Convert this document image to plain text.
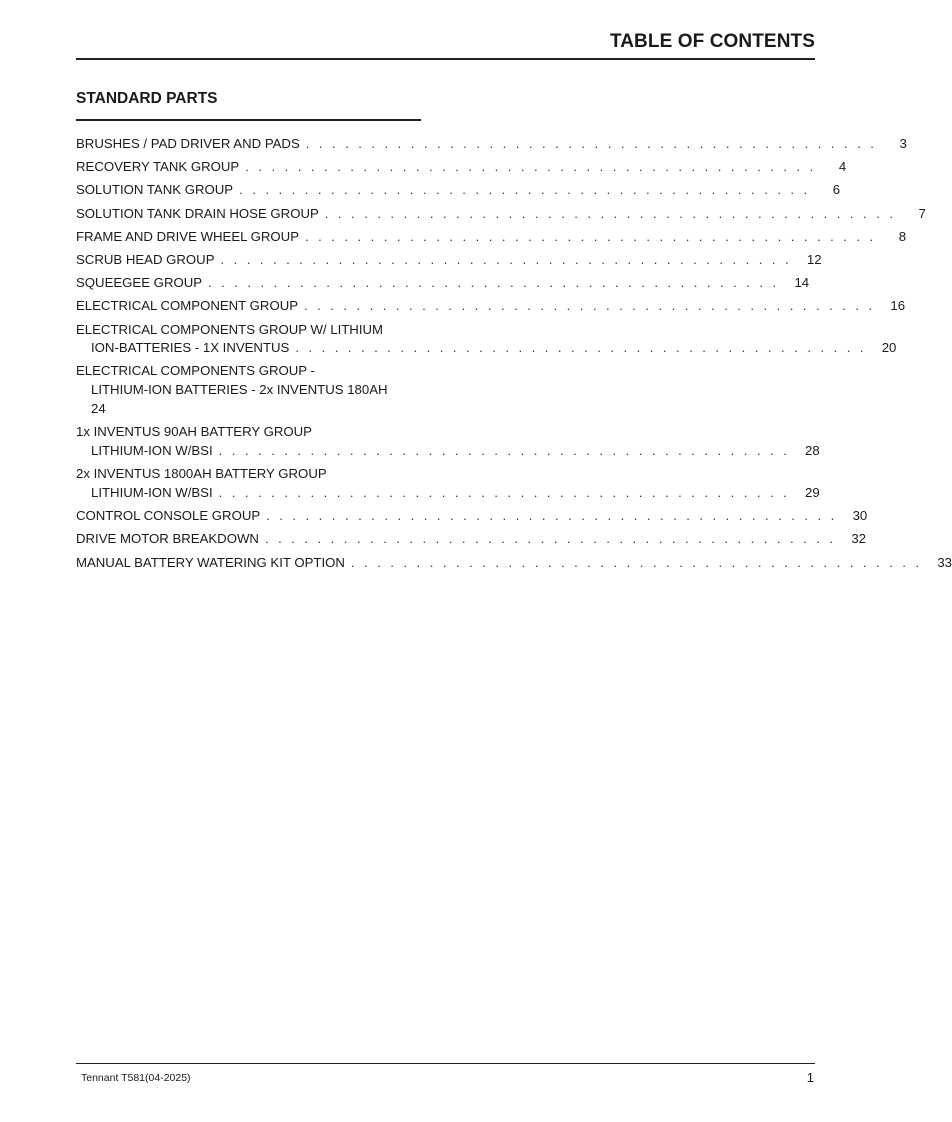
TABLE OF CONTENTS
STANDARD PARTS
BRUSHES / PAD DRIVER AND PADS . . . . . . . . . . . . . . . . . . . . . . . . . . . . . . . . . . . . . . . . . . . .	3
RECOVERY TANK GROUP . . . . . . . . . . . . . . . . . . . . . . . . . . . . . . . . . . . . . . . . . . . .	4
SOLUTION TANK GROUP . . . . . . . . . . . . . . . . . . . . . . . . . . . . . . . . . . . . . . . . . . . .	6
SOLUTION TANK DRAIN HOSE GROUP . . . . . . . . . . . . . . . . . . . . . . . . . . . . . . . . . . . . . . . . . . . .	7
FRAME AND DRIVE WHEEL GROUP . . . . . . . . . . . . . . . . . . . . . . . . . . . . . . . . . . . . . . . . . . . .	8
SCRUB HEAD GROUP . . . . . . . . . . . . . . . . . . . . . . . . . . . . . . . . . . . . . . . . . . . .	12
SQUEEGEE GROUP . . . . . . . . . . . . . . . . . . . . . . . . . . . . . . . . . . . . . . . . . . . .	14
ELECTRICAL COMPONENT GROUP . . . . . . . . . . . . . . . . . . . . . . . . . . . . . . . . . . . . . . . . . . . .	16
ELECTRICAL COMPONENTS GROUP W/ LITHIUM
ION-BATTERIES - 1X INVENTUS . . . . . . . . . . . . . . . . . . . . . . . . . . . . . . . . . . . . . . . . . . . .	20
ELECTRICAL COMPONENTS GROUP -
LITHIUM-ION BATTERIES - 2x INVENTUS 180AH
24
1x INVENTUS 90AH BATTERY GROUP
LITHIUM-ION W/BSI . . . . . . . . . . . . . . . . . . . . . . . . . . . . . . . . . . . . . . . . . . . .	28
2x INVENTUS 1800AH BATTERY GROUP
LITHIUM-ION W/BSI . . . . . . . . . . . . . . . . . . . . . . . . . . . . . . . . . . . . . . . . . . . .	29
CONTROL CONSOLE GROUP . . . . . . . . . . . . . . . . . . . . . . . . . . . . . . . . . . . . . . . . . . . .	30
DRIVE MOTOR BREAKDOWN . . . . . . . . . . . . . . . . . . . . . . . . . . . . . . . . . . . . . . . . . . . .	32
MANUAL BATTERY WATERING KIT OPTION . . . . . . . . . . . . . . . . . . . . . . . . . . . . . . . . . . . . . . . . . . . .	33
Tennant T581(04-2025)	1
